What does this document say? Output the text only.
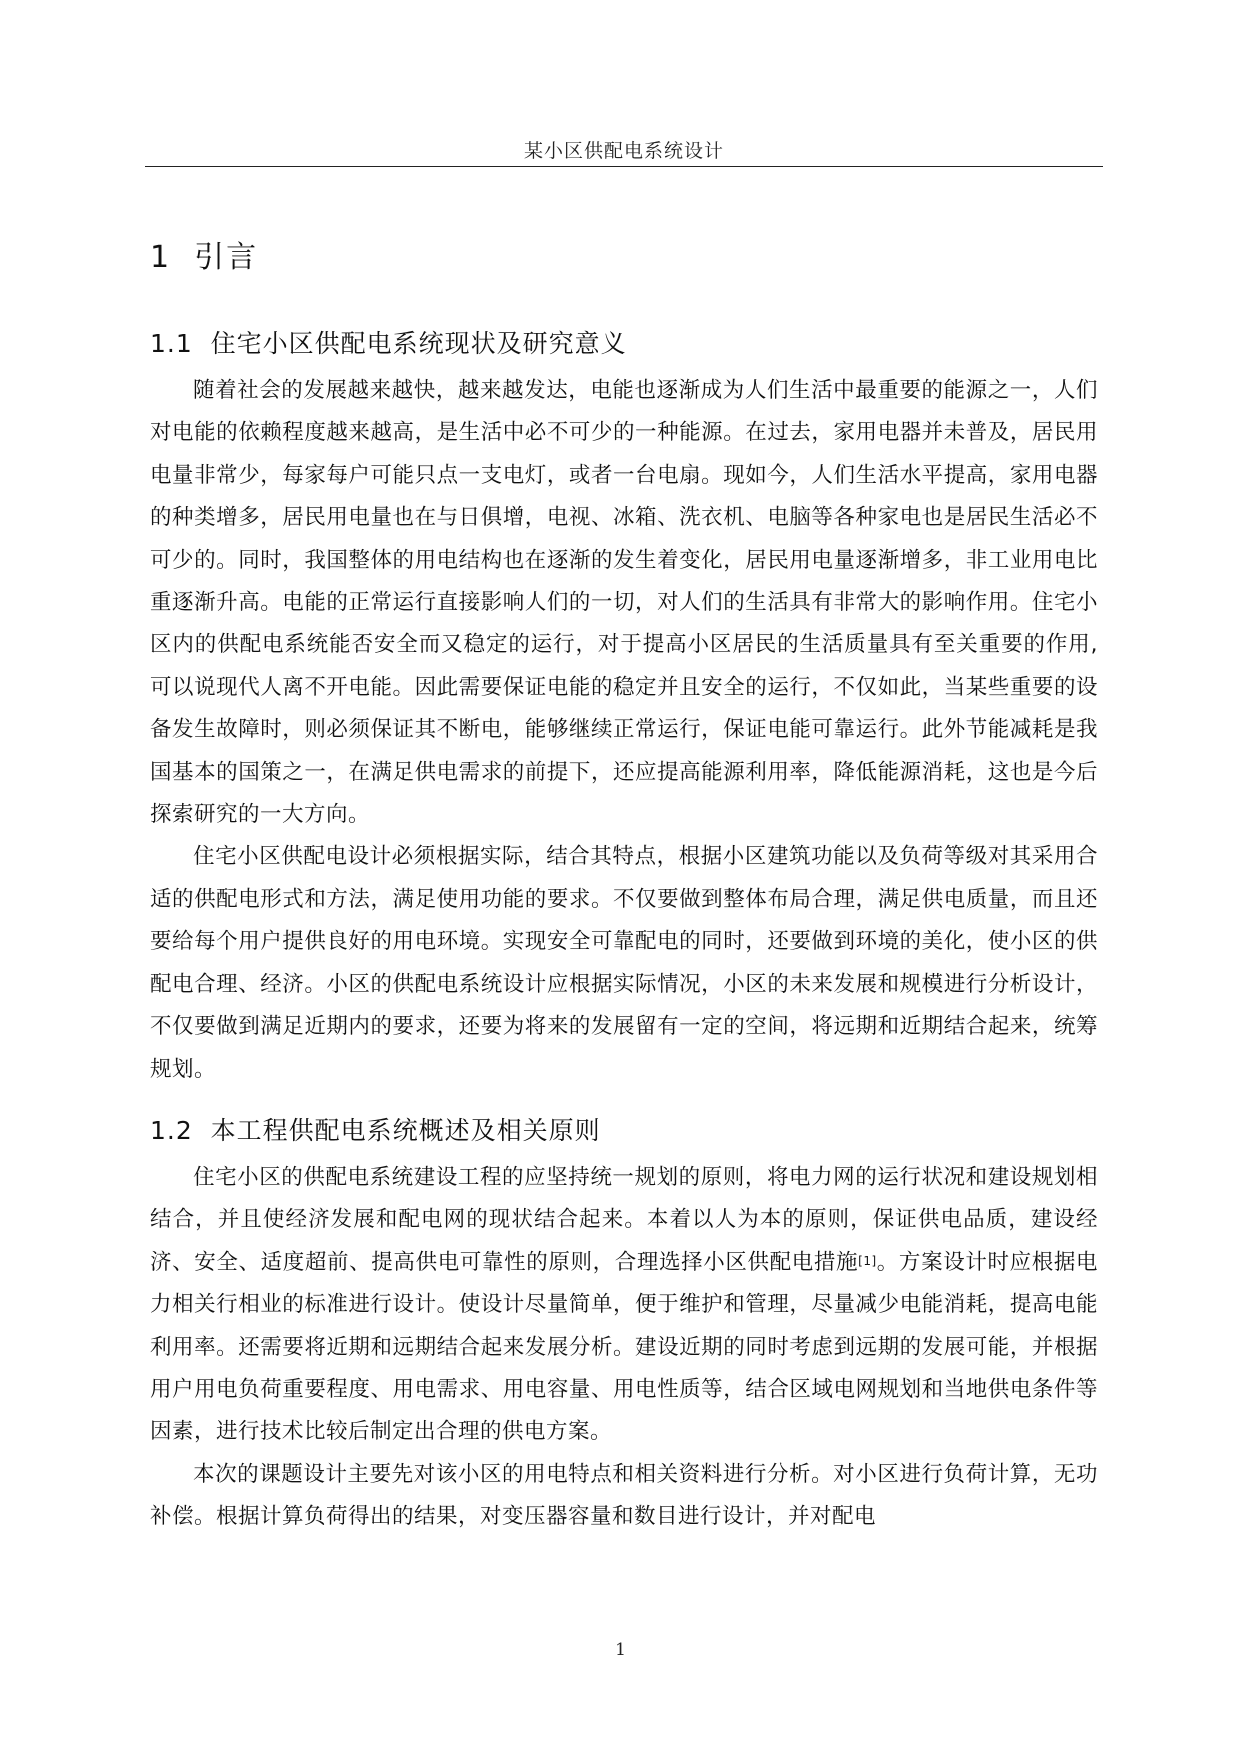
某小区供配电系统设计
1 引言
1.1 住宅小区供配电系统现状及研究意义

随着社会的发展越来越快，越来越发达，电能也逐渐成为人们生活中最重要的能源之一，人们对电能的依赖程度越来越高，是生活中必不可少的一种能源。在过去，家用电器并未普及，居民用电量非常少，每家每户可能只点一支电灯，或者一台电扇。现如今，人们生活水平提高，家用电器的种类增多，居民用电量也在与日俱增，电视、冰箱、洗衣机、电脑等各种家电也是居民生活必不可少的。同时，我国整体的用电结构也在逐渐的发生着变化，居民用电量逐渐增多，非工业用电比重逐渐升高。电能的正常运行直接影响人们的一切，对人们的生活具有非常大的影响作用。住宅小区内的供配电系统能否安全而又稳定的运行，对于提高小区居民的生活质量具有至关重要的作用,可以说现代人离不开电能。因此需要保证电能的稳定并且安全的运行，不仅如此，当某些重要的设备发生故障时，则必须保证其不断电，能够继续正常运行，保证电能可靠运行。此外节能减耗是我国基本的国策之一，在满足供电需求的前提下，还应提高能源利用率，降低能源消耗，这也是今后探索研究的一大方向。

住宅小区供配电设计必须根据实际，结合其特点，根据小区建筑功能以及负荷等级对其采用合适的供配电形式和方法，满足使用功能的要求。不仅要做到整体布局合理，满足供电质量，而且还要给每个用户提供良好的用电环境。实现安全可靠配电的同时，还要做到环境的美化，使小区的供配电合理、经济。小区的供配电系统设计应根据实际情况，小区的未来发展和规模进行分析设计，不仅要做到满足近期内的要求，还要为将来的发展留有一定的空间，将远期和近期结合起来，统筹规划。

1.2 本工程供配电系统概述及相关原则

住宅小区的供配电系统建设工程的应坚持统一规划的原则，将电力网的运行状况和建设规划相结合，并且使经济发展和配电网的现状结合起来。本着以人为本的原则，保证供电品质，建设经济、安全、适度超前、提高供电可靠性的原则，合理选择小区供配电措施[1]。方案设计时应根据电力相关行相业的标准进行设计。使设计尽量简单，便于维护和管理，尽量减少电能消耗，提高电能利用率。还需要将近期和远期结合起来发展分析。建设近期的同时考虑到远期的发展可能，并根据用户用电负荷重要程度、用电需求、用电容量、用电性质等，结合区域电网规划和当地供电条件等因素，进行技术比较后制定出合理的供电方案。

本次的课题设计主要先对该小区的用电特点和相关资料进行分析。对小区进行负荷计算，无功补偿。根据计算负荷得出的结果，对变压器容量和数目进行设计，并对配电

1
